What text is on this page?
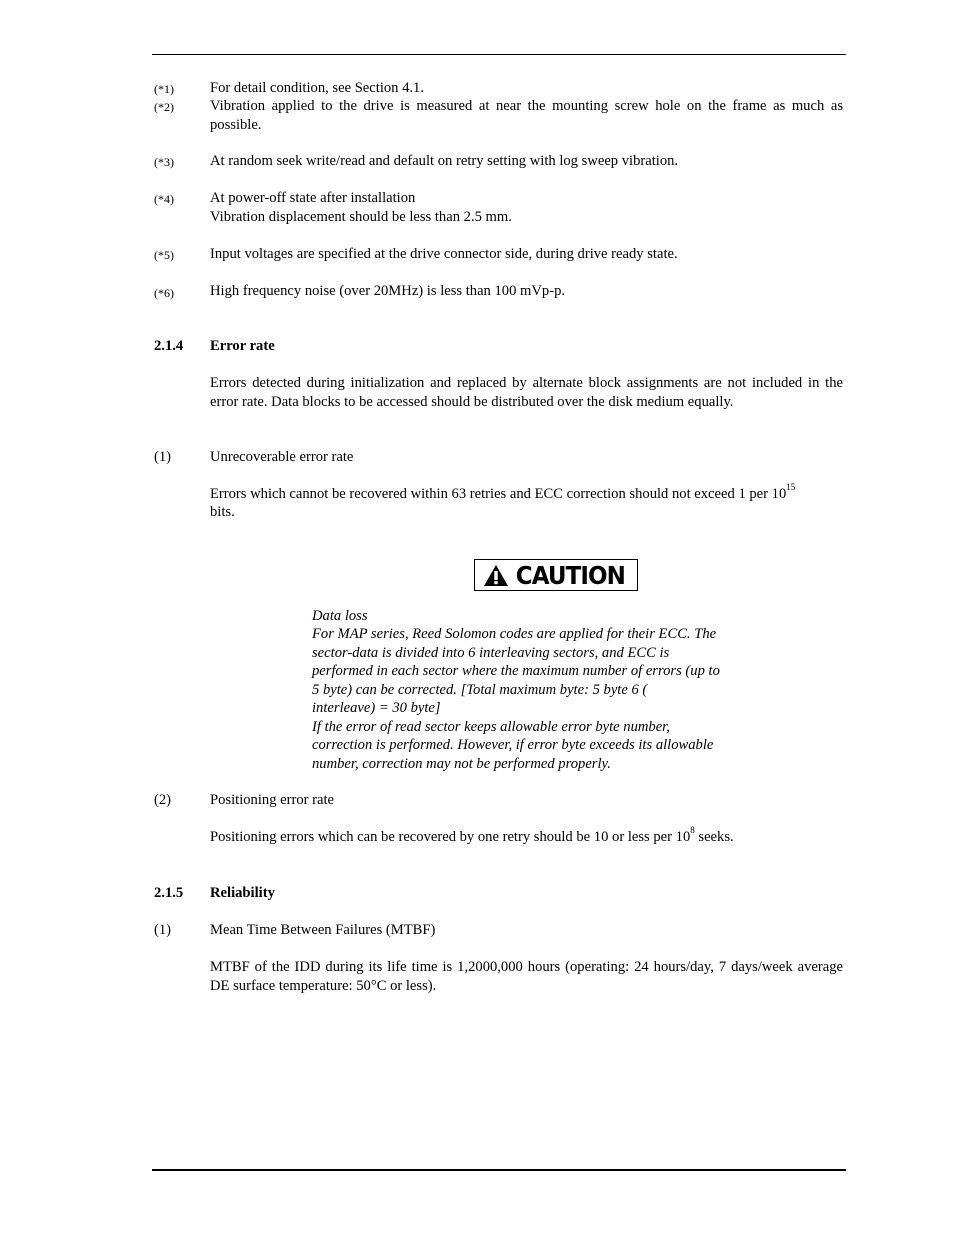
(*1) For detail condition, see Section 4.1.
(*2) Vibration applied to the drive is measured at near the mounting screw hole on the frame as much as possible.
(*3) At random seek write/read and default on retry setting with log sweep vibration.
(*4) At power-off state after installation
Vibration displacement should be less than 2.5 mm.
(*5) Input voltages are specified at the drive connector side, during drive ready state.
(*6) High frequency noise (over 20MHz) is less than 100 mVp-p.
2.1.4 Error rate
Errors detected during initialization and replaced by alternate block assignments are not included in the error rate. Data blocks to be accessed should be distributed over the disk medium equally.
(1)	Unrecoverable error rate
Errors which cannot be recovered within 63 retries and ECC correction should not exceed 1 per $10^{15}$
bits.
CAUTION
Data loss
For MAP series, Reed Solomon codes are applied for their ECC. The
sector-data is divided into 6 interleaving sectors, and ECC is
performed in each sector where the maximum number of errors (up to
5 byte) can be corrected. [Total maximum byte: 5 byte 6 (
interleave) = 30 byte]
If the error of read sector keeps allowable error byte number,
correction is performed. However, if error byte exceeds its allowable
number, correction may not be performed properly.
(2)	Positioning error rate
Positioning errors which can be recovered by one retry should be 10 or less per $10^8$ seeks.
2.1.5 Reliability
(1)	Mean Time Between Failures (MTBF)
MTBF of the IDD during its life time is 1,2000,000 hours (operating: 24 hours/day, 7 days/week average DE surface temperature: 50°C or less).
